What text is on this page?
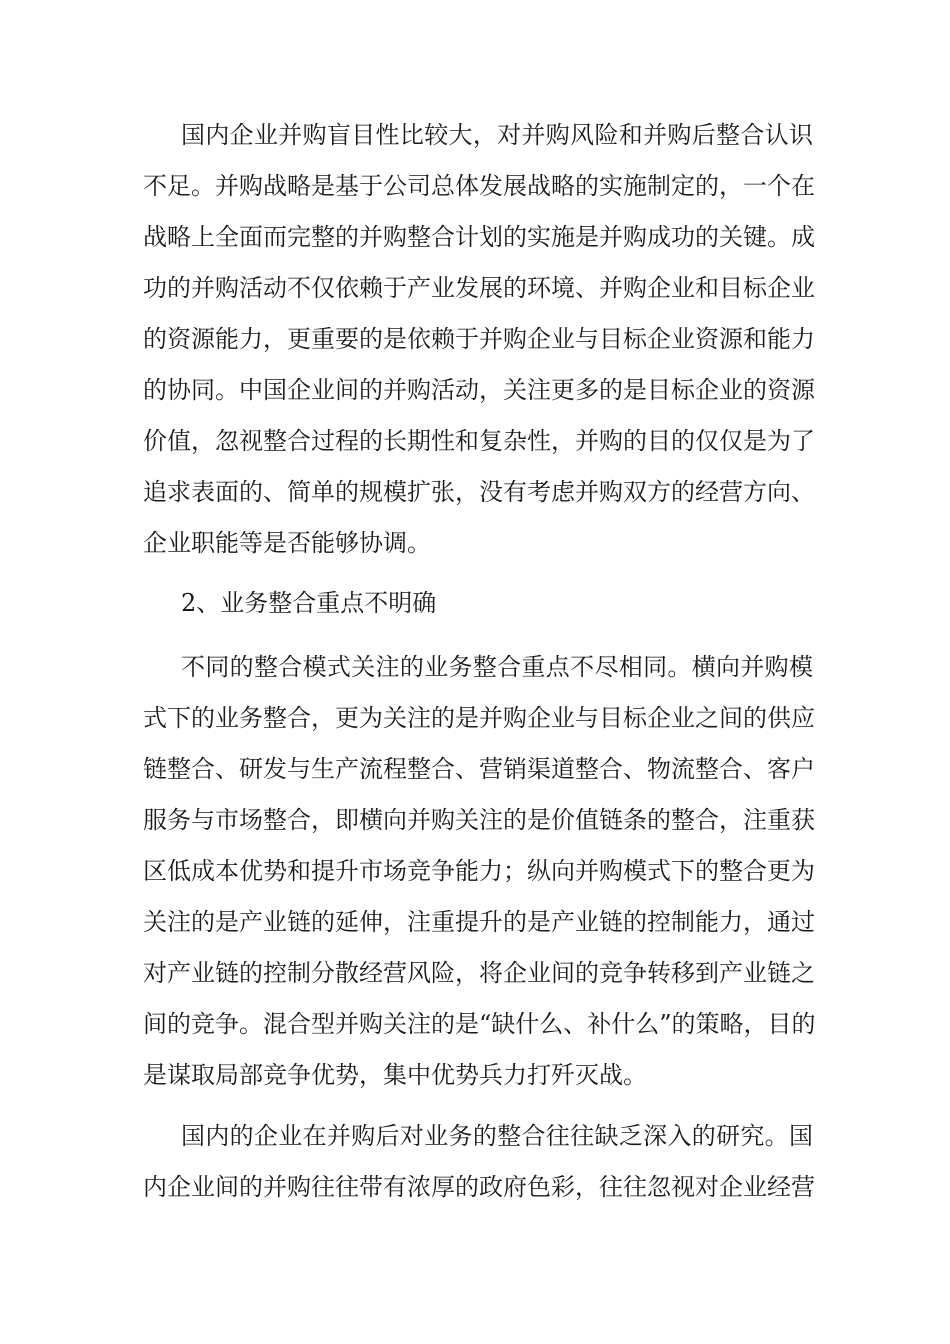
国内企业并购盲目性比较大，对并购风险和并购后整合认识
不足。并购战略是基于公司总体发展战略的实施制定的，一个在
战略上全面而完整的并购整合计划的实施是并购成功的关键。成
功的并购活动不仅依赖于产业发展的环境、并购企业和目标企业
的资源能力，更重要的是依赖于并购企业与目标企业资源和能力
的协同。中国企业间的并购活动，关注更多的是目标企业的资源
价值，忽视整合过程的长期性和复杂性，并购的目的仅仅是为了
追求表面的、简单的规模扩张，没有考虑并购双方的经营方向、
企业职能等是否能够协调。
2、业务整合重点不明确
不同的整合模式关注的业务整合重点不尽相同。横向并购模
式下的业务整合，更为关注的是并购企业与目标企业之间的供应
链整合、研发与生产流程整合、营销渠道整合、物流整合、客户
服务与市场整合，即横向并购关注的是价值链条的整合，注重获
区低成本优势和提升市场竞争能力；纵向并购模式下的整合更为
关注的是产业链的延伸，注重提升的是产业链的控制能力，通过
对产业链的控制分散经营风险，将企业间的竞争转移到产业链之
间的竞争。混合型并购关注的是“缺什么、补什么”的策略，目的
是谋取局部竞争优势，集中优势兵力打歼灭战。
国内的企业在并购后对业务的整合往往缺乏深入的研究。国
内企业间的并购往往带有浓厚的政府色彩，往往忽视对企业经营
